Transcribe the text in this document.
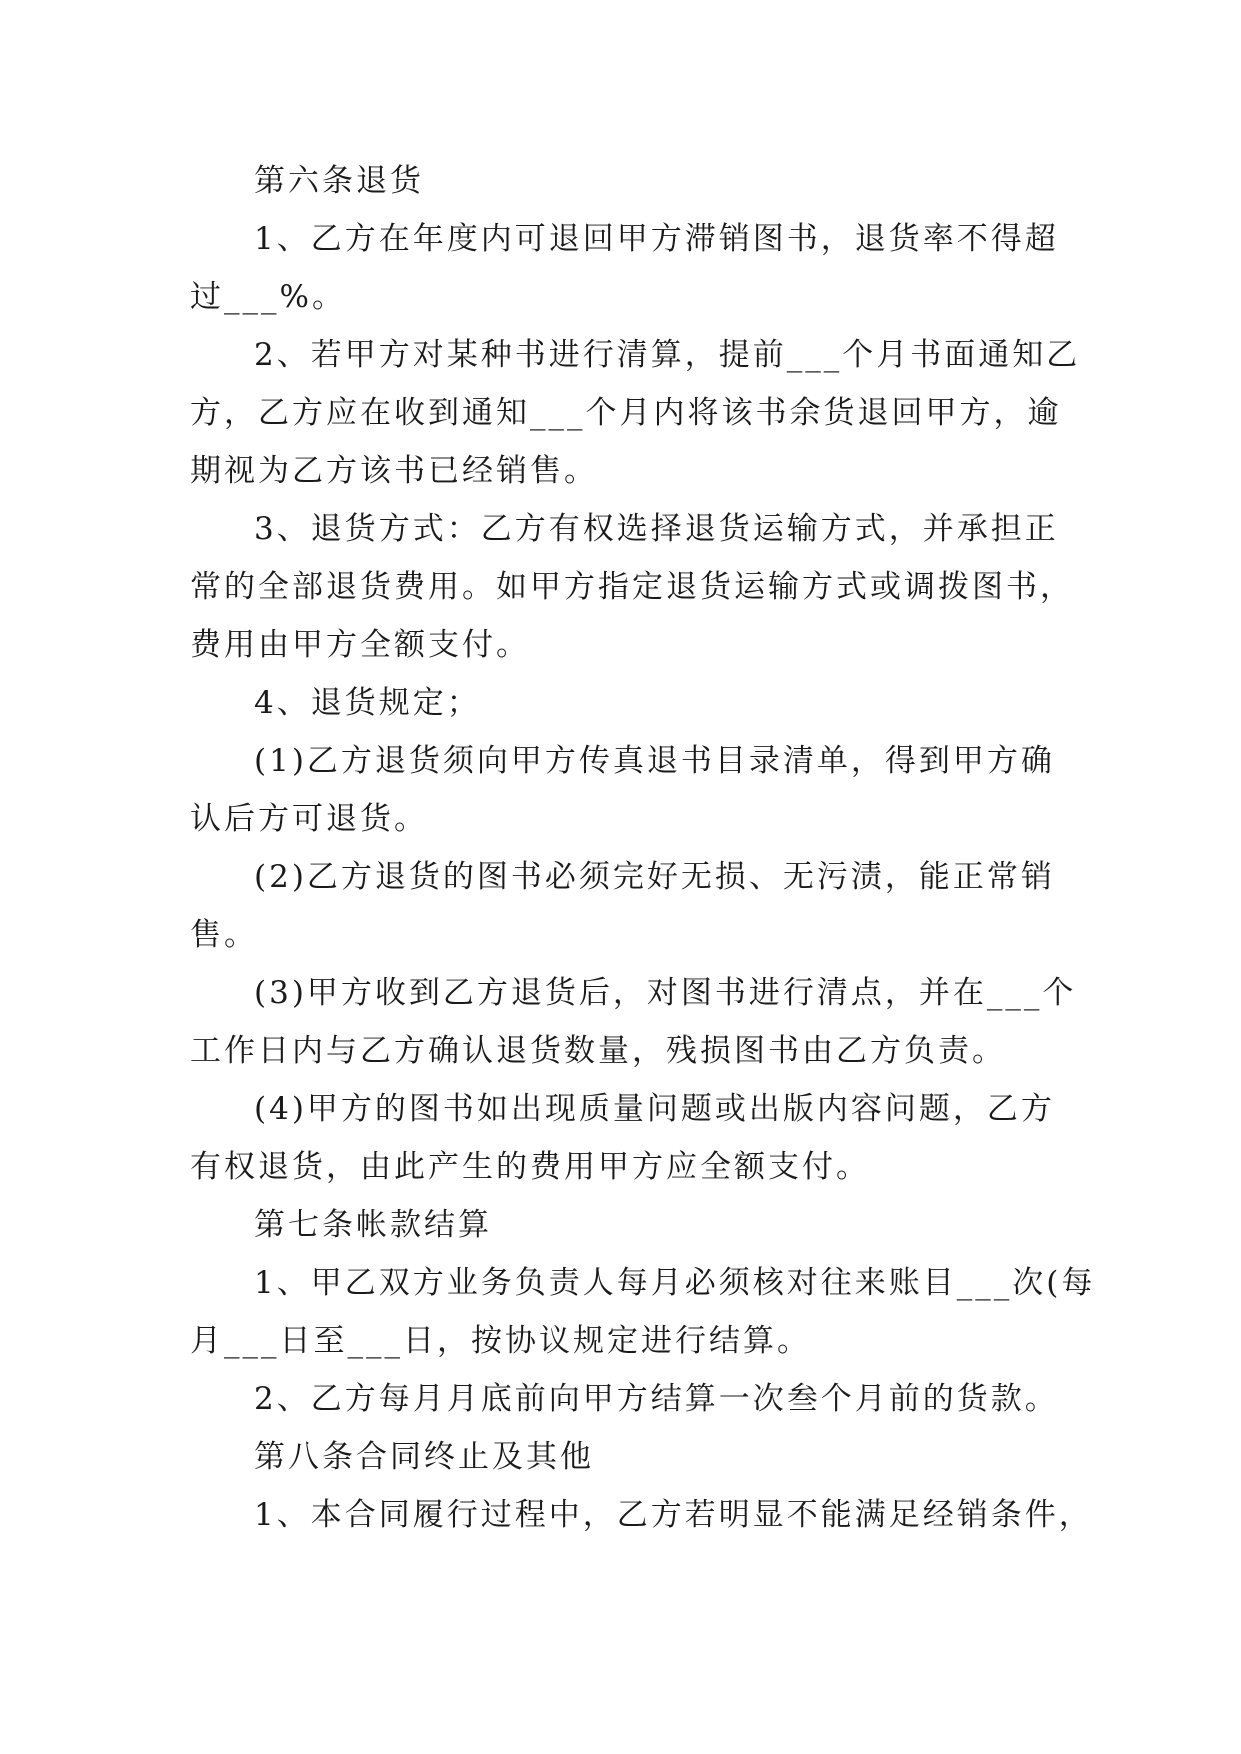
第六条退货
1、乙方在年度内可退回甲方滞销图书，退货率不得超
过___%。
2、若甲方对某种书进行清算，提前___个月书面通知乙
方，乙方应在收到通知___个月内将该书余货退回甲方，逾
期视为乙方该书已经销售。
3、退货方式：乙方有权选择退货运输方式，并承担正
常的全部退货费用。如甲方指定退货运输方式或调拨图书，
费用由甲方全额支付。
4、退货规定；
(1)乙方退货须向甲方传真退书目录清单，得到甲方确
认后方可退货。
(2)乙方退货的图书必须完好无损、无污渍，能正常销
售。
(3)甲方收到乙方退货后，对图书进行清点，并在___个
工作日内与乙方确认退货数量，残损图书由乙方负责。
(4)甲方的图书如出现质量问题或出版内容问题，乙方
有权退货，由此产生的费用甲方应全额支付。
第七条帐款结算
1、甲乙双方业务负责人每月必须核对往来账目___次(每
月___日至___日，按协议规定进行结算。
2、乙方每月月底前向甲方结算一次叁个月前的货款。
第八条合同终止及其他
1、本合同履行过程中，乙方若明显不能满足经销条件，
